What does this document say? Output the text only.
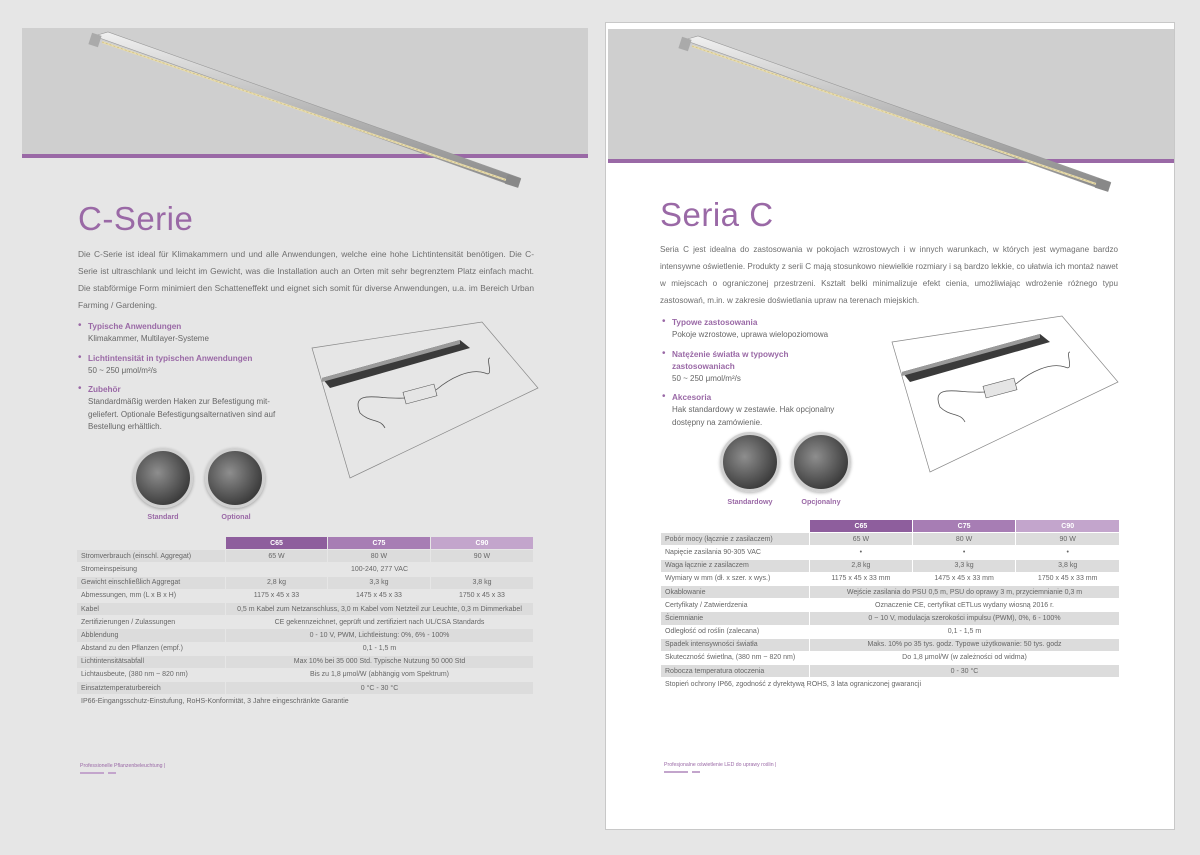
C-Serie
Die C-Serie ist ideal für Klimakammern und und alle Anwendungen, welche eine hohe Lichtintensität benötigen. Die C-Serie ist ultraschlank und leicht im Gewicht, was die Installation auch an Orten mit sehr begrenztem Platz einfach macht. Die stabförmige Form minimiert den Schatteneffekt und eignet sich somit für diverse Anwendungen, u.a. im Bereich Urban Farming / Gardening.
• Typische Anwendungen
Klimakammer, Multilayer-Systeme
• Lichtintensität in typischen Anwendungen
50 ~ 250 μmol/m²/s
• Zubehör
Standardmäßig werden Haken zur Befestigung mit-geliefert. Optionale Befestigungsalternativen sind auf Bestellung erhältlich.
Standard	Optional
	C65	C75	C90
Stromverbrauch (einschl. Aggregat)	65 W	80 W	90 W
Stromeinspeisung	100-240, 277 VAC		
Gewicht einschließlich Aggregat	2,8 kg	3,3 kg	3,8 kg
Abmessungen, mm (L x B x H)	1175 x 45 x 33	1475 x 45 x 33	1750 x 45 x 33
Kabel	0,5 m Kabel zum Netzanschluss, 3,0 m Kabel vom Netzteil zur Leuchte, 0,3 m Dimmerkabel		
Zertifizierungen / Zulassungen	CE gekennzeichnet, geprüft und zertifiziert nach UL/CSA Standards		
Abblendung	0 - 10 V, PWM, Lichtleistung: 0%, 6% - 100%		
Abstand zu den Pflanzen (empf.)	0,1 - 1,5 m		
Lichtintensitätsabfall	Max 10% bei 35 000 Std. Typische Nutzung 50 000 Std		
Lichtausbeute, (380 nm ~ 820 nm)	Bis zu 1,8 μmol/W (abhängig vom Spektrum)		
Einsatztemperaturbereich	0 °C - 30 °C		
IP66-Eingangsschutz-Einstufung, RoHS-Konformität, 3 Jahre eingeschränkte Garantie			
Professionelle Pflanzenbeleuchtung |
Seria C
Seria C jest idealna do zastosowania w pokojach wzrostowych i w innych warunkach, w których jest wymagane bardzo intensywne oświetlenie. Produkty z serii C mają stosunkowo niewielkie rozmiary i są bardzo lekkie, co ułatwia ich montaż nawet w miejscach o ograniczonej przestrzeni. Kształt belki minimalizuje efekt cienia, umożliwiając wdrożenie różnego typu zastosowań, m.in. w zakresie doświetlania upraw na terenach miejskich.
• Typowe zastosowania
Pokoje wzrostowe, uprawa wielopoziomowa
• Natężenie światła w typowych zastosowaniach
50 ~ 250 μmol/m²/s
• Akcesoria
Hak standardowy w zestawie. Hak opcjonalny dostępny na zamówienie.
Standardowy	Opcjonalny
	C65	C75	C90
Pobór mocy (łącznie z zasilaczem)	65 W	80 W	90 W
Napięcie zasilania 90-305 VAC	•	•	•
Waga łącznie z zasilaczem	2,8 kg	3,3 kg	3,8 kg
Wymiary w mm (dł. x szer. x wys.)	1175 x 45 x 33 mm	1475 x 45 x 33 mm	1750 x 45 x 33 mm
Okablowanie	Wejście zasilania do PSU 0,5 m, PSU do oprawy 3 m, przyciemnianie 0,3 m		
Certyfikaty / Zatwierdzenia	Oznaczenie CE, certyfikat cETLus wydany wiosną 2016 r.		
Ściemnianie	0 ~ 10 V, modulacja szerokości impulsu (PWM), 0%, 6 - 100%		
Odległość od roślin (zalecana)	0,1 - 1,5 m		
Spadek intensywności światła	Maks. 10% po 35 tys. godz. Typowe użytkowanie: 50 tys. godz		
Skuteczność świetlna, (380 nm ~ 820 nm)	Do 1,8 μmol/W (w zależności od widma)		
Robocza temperatura otoczenia	0 - 30 °C		
Stopień ochrony IP66, zgodność z dyrektywą ROHS, 3 lata ograniczonej gwarancji			
Profesjonalne oświetlenie LED do uprawy roślin |
